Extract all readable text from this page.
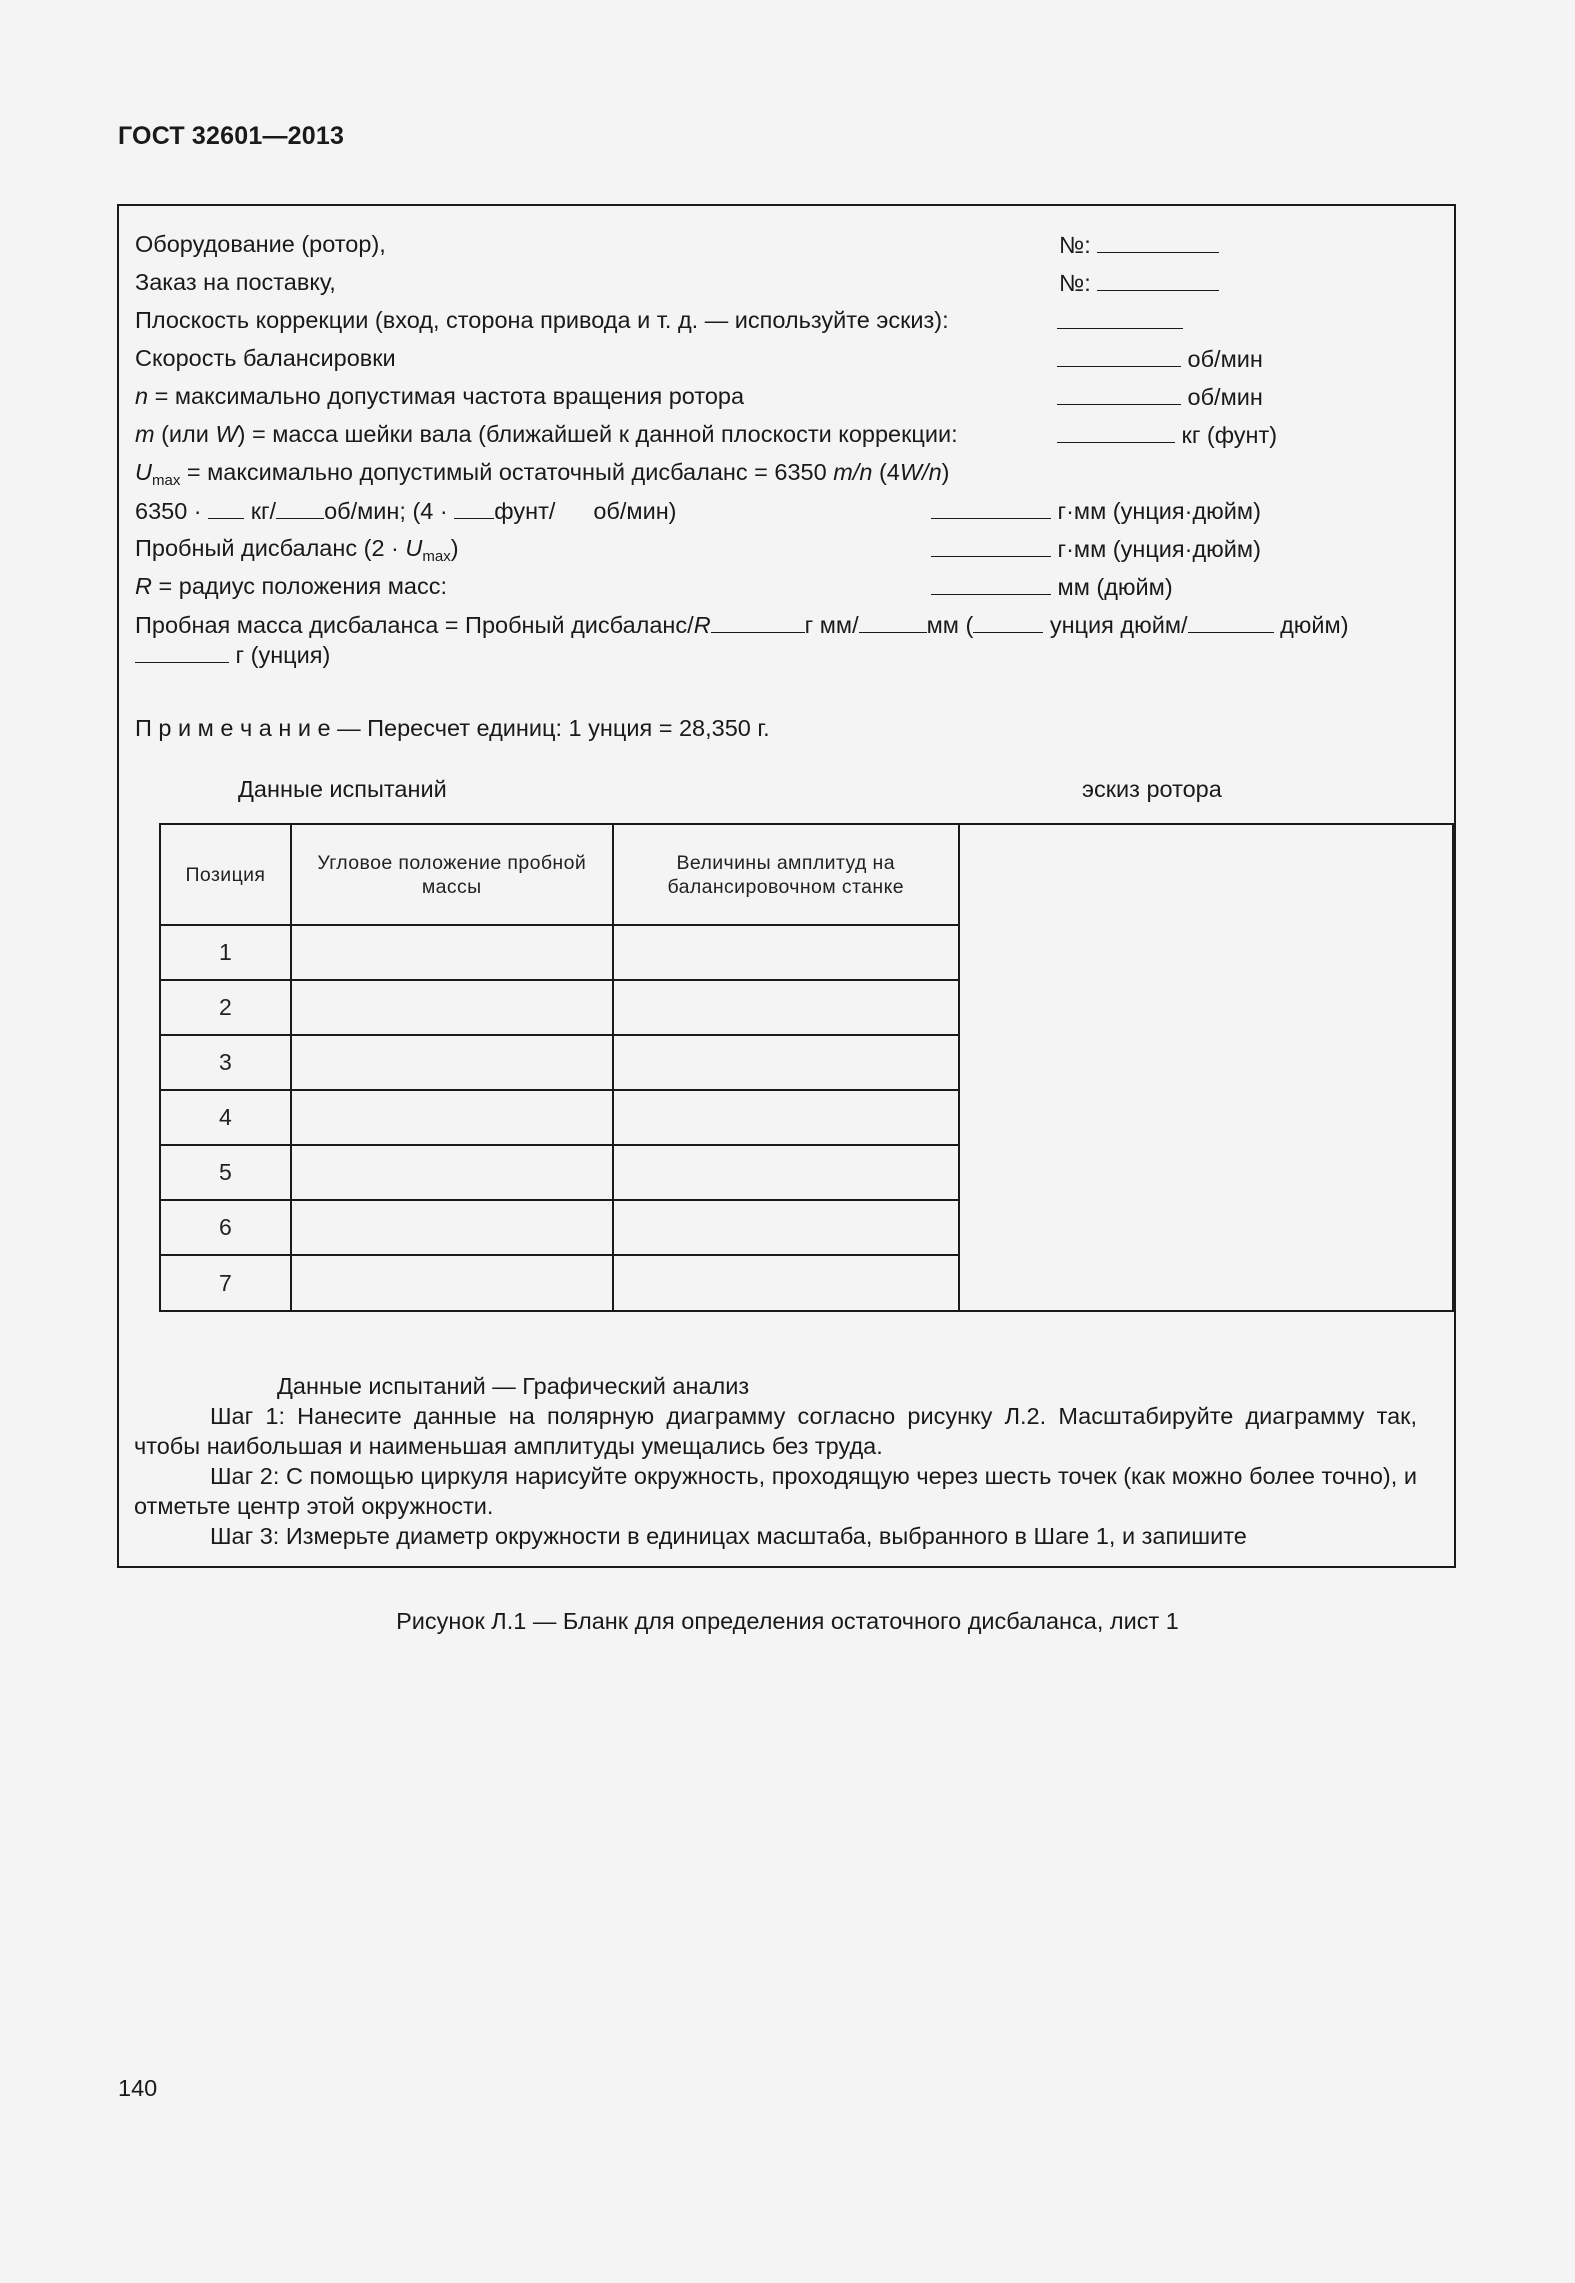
ГОСТ 32601—2013
Оборудование (ротор),	№:
Заказ на поставку,	№:
Плоскость коррекции (вход, сторона привода и т. д. — используйте эскиз):
Скорость балансировки	об/мин
n = максимально допустимая частота вращения ротора	об/мин
m (или W) = масса шейки вала (ближайшей к данной плоскости коррекции:	кг (фунт)
$U_{max}$ = максимально допустимый остаточный дисбаланс = 6350 m/n (4W/n)
6350 · кг/ об/мин; (4 · фунт/ об/мин)	г·мм (унция·дюйм)
Пробный дисбаланс $(2 \cdot U_{max})$	г·мм (унция·дюйм)
R = радиус положения масс:	мм (дюйм)
Пробная масса дисбаланса = Пробный дисбаланс/R	г мм/	мм (	унция дюйм/	дюйм)
г (унция)
П р и м е ч а н и е — Пересчет единиц: 1 унция = 28,350 г.
Данные испытаний	эскиз ротора
Позиция	Угловое положение пробной массы	Величины амплитуд на балансировочном станке	
1			
2			
3			
4			
5			
6			
7			

Данные испытаний — Графический анализ

Шаг 1: Нанесите данные на полярную диаграмму согласно рисунку Л.2. Масштабируйте диаграмму так, чтобы наибольшая и наименьшая амплитуды умещались без труда.

Шаг 2: С помощью циркуля нарисуйте окружность, проходящую через шесть точек (как можно более точно), и отметьте центр этой окружности.

Шаг 3: Измерьте диаметр окружности в единицах масштаба, выбранного в Шаге 1, и запишите

Рисунок Л.1 — Бланк для определения остаточного дисбаланса, лист 1
140
